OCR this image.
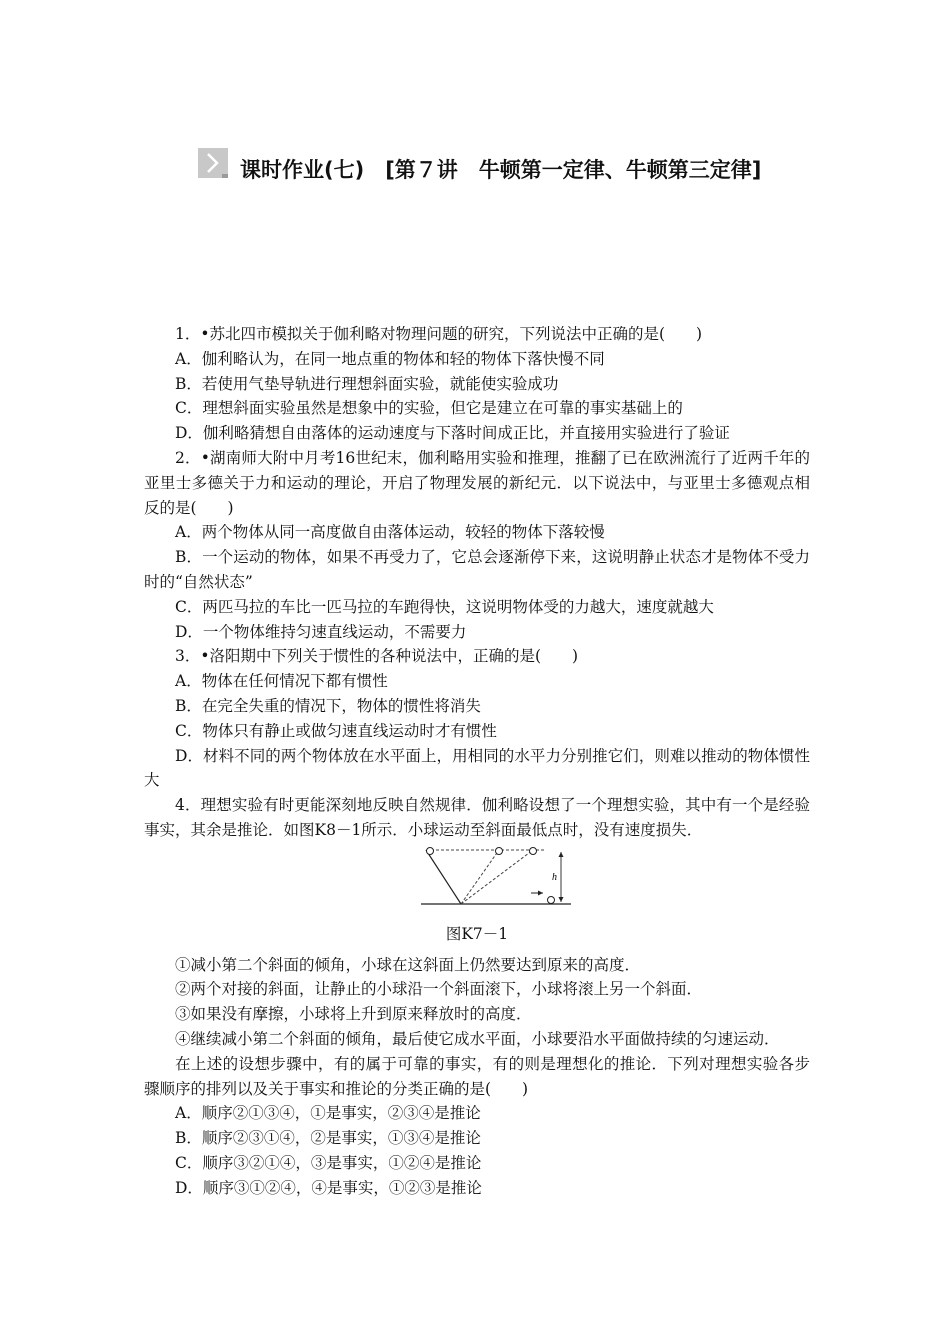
课时作业(七)　[第７讲　牛顿第一定律、牛顿第三定律]

1．•苏北四市模拟关于伽利略对物理问题的研究，下列说法中正确的是(　　)

A．伽利略认为，在同一地点重的物体和轻的物体下落快慢不同

B．若使用气垫导轨进行理想斜面实验，就能使实验成功

C．理想斜面实验虽然是想象中的实验，但它是建立在可靠的事实基础上的

D．伽利略猜想自由落体的运动速度与下落时间成正比，并直接用实验进行了验证

2．•湖南师大附中月考16世纪末，伽利略用实验和推理，推翻了已在欧洲流行了近两千年的亚里士多德关于力和运动的理论，开启了物理发展的新纪元．以下说法中，与亚里士多德观点相反的是(　　)

A．两个物体从同一高度做自由落体运动，较轻的物体下落较慢

B．一个运动的物体，如果不再受力了，它总会逐渐停下来，这说明静止状态才是物体不受力时的“自然状态”

C．两匹马拉的车比一匹马拉的车跑得快，这说明物体受的力越大，速度就越大

D．一个物体维持匀速直线运动，不需要力

3．•洛阳期中下列关于惯性的各种说法中，正确的是(　　)

A．物体在任何情况下都有惯性

B．在完全失重的情况下，物体的惯性将消失

C．物体只有静止或做匀速直线运动时才有惯性

D．材料不同的两个物体放在水平面上，用相同的水平力分别推它们，则难以推动的物体惯性大

4．理想实验有时更能深刻地反映自然规律．伽利略设想了一个理想实验，其中有一个是经验事实，其余是推论．如图K8－1所示．小球运动至斜面最低点时，没有速度损失．

h

图K7－1

①减小第二个斜面的倾角，小球在这斜面上仍然要达到原来的高度．

②两个对接的斜面，让静止的小球沿一个斜面滚下，小球将滚上另一个斜面．

③如果没有摩擦，小球将上升到原来释放时的高度．

④继续减小第二个斜面的倾角，最后使它成水平面，小球要沿水平面做持续的匀速运动．

在上述的设想步骤中，有的属于可靠的事实，有的则是理想化的推论．下列对理想实验各步骤顺序的排列以及关于事实和推论的分类正确的是(　　)

A．顺序②①③④，①是事实，②③④是推论

B．顺序②③①④，②是事实，①③④是推论

C．顺序③②①④，③是事实，①②④是推论

D．顺序③①②④，④是事实，①②③是推论
